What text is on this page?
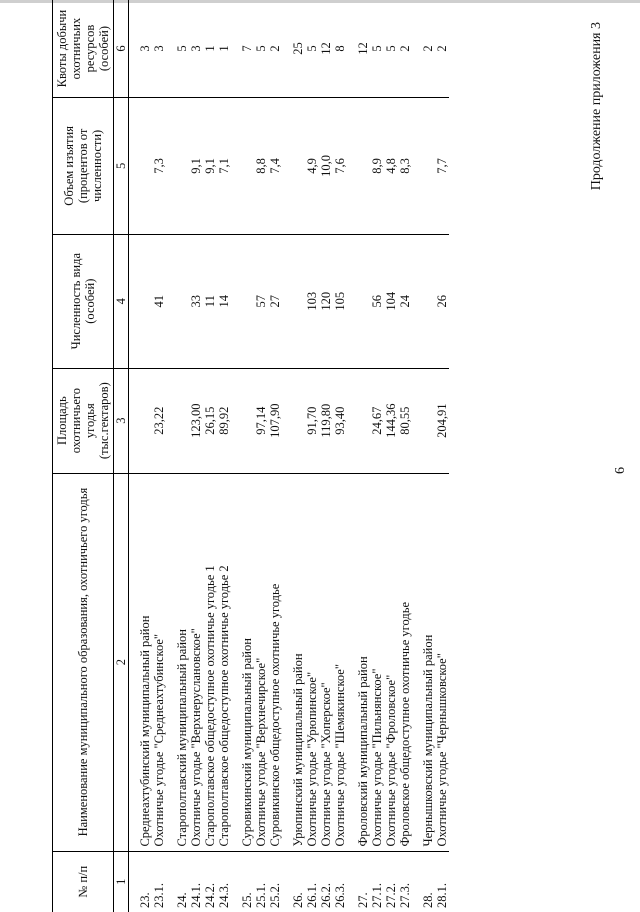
6
Продолжение приложения 3
№ п/п	Наименование муниципального образования, охотничьего угодья	Площадь охотничьего угодья (тыс.гектаров)	Численность вида (особей)	Объем изъятия (процентов от численности)	Квоты добычи охотничьих ресурсов (особей)
1	2	3	4	5	6

23.	Среднеахтубинский муниципальный район				3
23.1.	Охотничье угодье "Среднеахтубинское"	23,22	41	7,3	3

24.	Старополтавский муниципальный район				5
24.1.	Охотничье угодье "Верхнеруслановское"	123,00	33	9,1	3
24.2.	Старополтавское общедоступное охотничье угодье 1	26,15	11	9,1	1
24.3.	Старополтавское общедоступное охотничье угодье 2	89,92	14	7,1	1

25.	Суровикинский муниципальный район				7
25.1.	Охотничье угодье "Верхнечирское"	97,14	57	8,8	5
25.2.	Суровикинское общедоступное охотничье угодье	107,90	27	7,4	2

26.	Урюпинский муниципальный район				25
26.1.	Охотничье угодье "Урюпинское"	91,70	103	4,9	5
26.2.	Охотничье угодье "Хоперское"	119,80	120	10,0	12
26.3.	Охотничье угодье "Шемякинское"	93,40	105	7,6	8

27.	Фроловский муниципальный район				12
27.1.	Охотничье угодье "Пильнянское"	24,67	56	8,9	5
27.2.	Охотничье угодье "Фроловское"	144,36	104	4,8	5
27.3.	Фроловское общедоступное охотничье угодье	80,55	24	8,3	2

28.	Чернышковский муниципальный район				2
28.1.	Охотничье угодье "Чернышковское"	204,91	26	7,7	2
